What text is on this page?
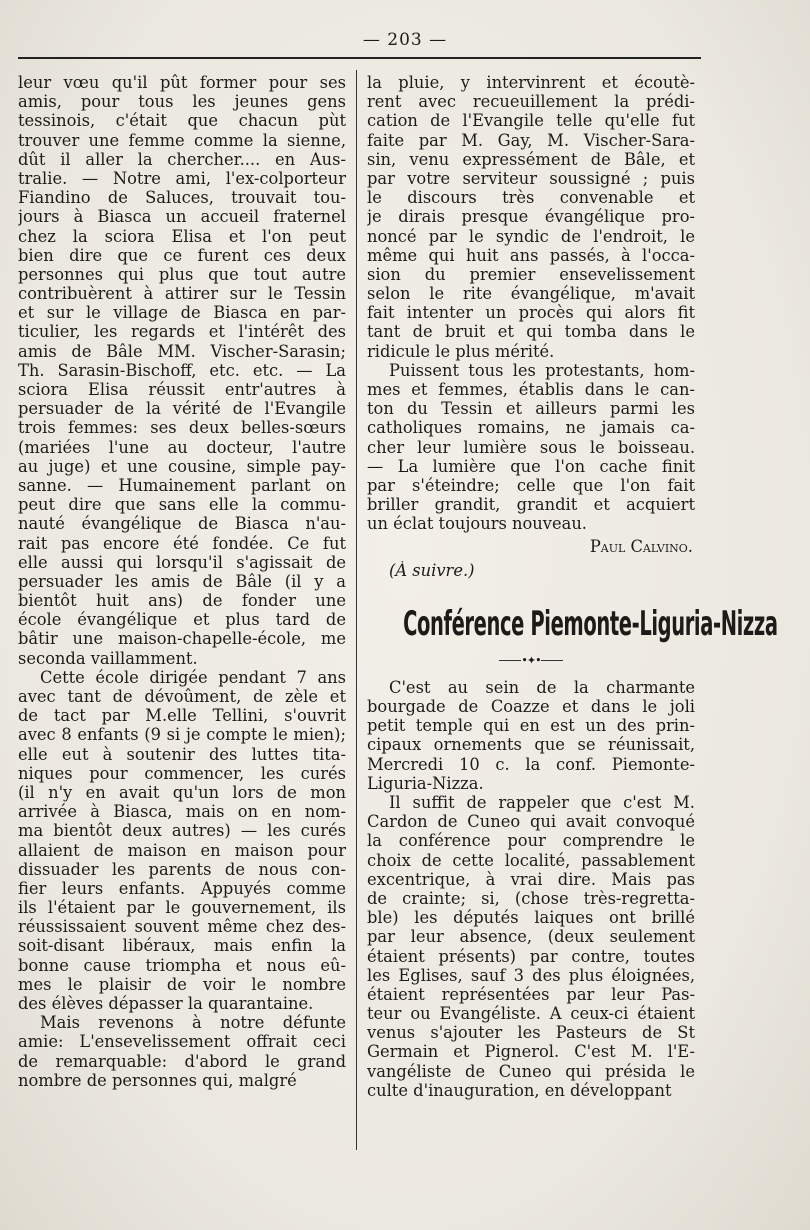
— 203 —
leur vœu qu'il pût former pour ses
amis, pour tous les jeunes gens
tessinois, c'était que chacun pùt
trouver une femme comme la sienne,
dût il aller la chercher.... en Aus-
tralie. — Notre ami, l'ex-colporteur
Fiandino de Saluces, trouvait tou-
jours à Biasca un accueil fraternel
chez la sciora Elisa et l'on peut
bien dire que ce furent ces deux
personnes qui plus que tout autre
contribuèrent à attirer sur le Tessin
et sur le village de Biasca en par-
ticulier, les regards et l'intérêt des
amis de Bâle MM. Vischer-Sarasin;
Th. Sarasin-Bischoff, etc. etc. — La
sciora Elisa réussit entr'autres à
persuader de la vérité de l'Evangile
trois femmes: ses deux belles-sœurs
(mariées l'une au docteur, l'autre
au juge) et une cousine, simple pay-
sanne. — Humainement parlant on
peut dire que sans elle la commu-
nauté évangélique de Biasca n'au-
rait pas encore été fondée. Ce fut
elle aussi qui lorsqu'il s'agissait de
persuader les amis de Bâle (il y a
bientôt huit ans) de fonder une
école évangélique et plus tard de
bâtir une maison-chapelle-école, me
seconda vaillamment.
Cette école dirigée pendant 7 ans
avec tant de dévoûment, de zèle et
de tact par M.elle Tellini, s'ouvrit
avec 8 enfants (9 si je compte le mien);
elle eut à soutenir des luttes tita-
niques pour commencer, les curés
(il n'y en avait qu'un lors de mon
arrivée à Biasca, mais on en nom-
ma bientôt deux autres) — les curés
allaient de maison en maison pour
dissuader les parents de nous con-
fier leurs enfants. Appuyés comme
ils l'étaient par le gouvernement, ils
réussissaient souvent même chez des-
soit-disant libéraux, mais enfin la
bonne cause triompha et nous eû-
mes le plaisir de voir le nombre
des élèves dépasser la quarantaine.
Mais revenons à notre défunte
amie: L'ensevelissement offrait ceci
de remarquable: d'abord le grand
nombre de personnes qui, malgré
la pluie, y intervinrent et écoutè-
rent avec recueuillement la prédi-
cation de l'Evangile telle qu'elle fut
faite par M. Gay, M. Vischer-Sara-
sin, venu expressément de Bâle, et
par votre serviteur soussigné ; puis
le discours très convenable et
je dirais presque évangélique pro-
noncé par le syndic de l'endroit, le
même qui huit ans passés, à l'occa-
sion du premier ensevelissement
selon le rite évangélique, m'avait
fait intenter un procès qui alors fit
tant de bruit et qui tomba dans le
ridicule le plus mérité.
Puissent tous les protestants, hom-
mes et femmes, établis dans le can-
ton du Tessin et ailleurs parmi les
catholiques romains, ne jamais ca-
cher leur lumière sous le boisseau.
— La lumière que l'on cache finit
par s'éteindre; celle que l'on fait
briller grandit, grandit et acquiert
un éclat toujours nouveau.
Paul Calvino.
(À suivre.)
Conférence Piemonte-Liguria-Nizza
•✦•
C'est au sein de la charmante
bourgade de Coazze et dans le joli
petit temple qui en est un des prin-
cipaux ornements que se réunissait,
Mercredi 10 c. la conf. Piemonte-
Liguria-Nizza.
Il suffit de rappeler que c'est M.
Cardon de Cuneo qui avait convoqué
la conférence pour comprendre le
choix de cette localité, passablement
excentrique, à vrai dire. Mais pas
de crainte; si, (chose très-regretta-
ble) les députés laiques ont brillé
par leur absence, (deux seulement
étaient présents) par contre, toutes
les Eglises, sauf 3 des plus éloignées,
étaient représentées par leur Pas-
teur ou Evangéliste. A ceux-ci étaient
venus s'ajouter les Pasteurs de St
Germain et Pignerol. C'est M. l'E-
vangéliste de Cuneo qui présida le
culte d'inauguration, en développant
